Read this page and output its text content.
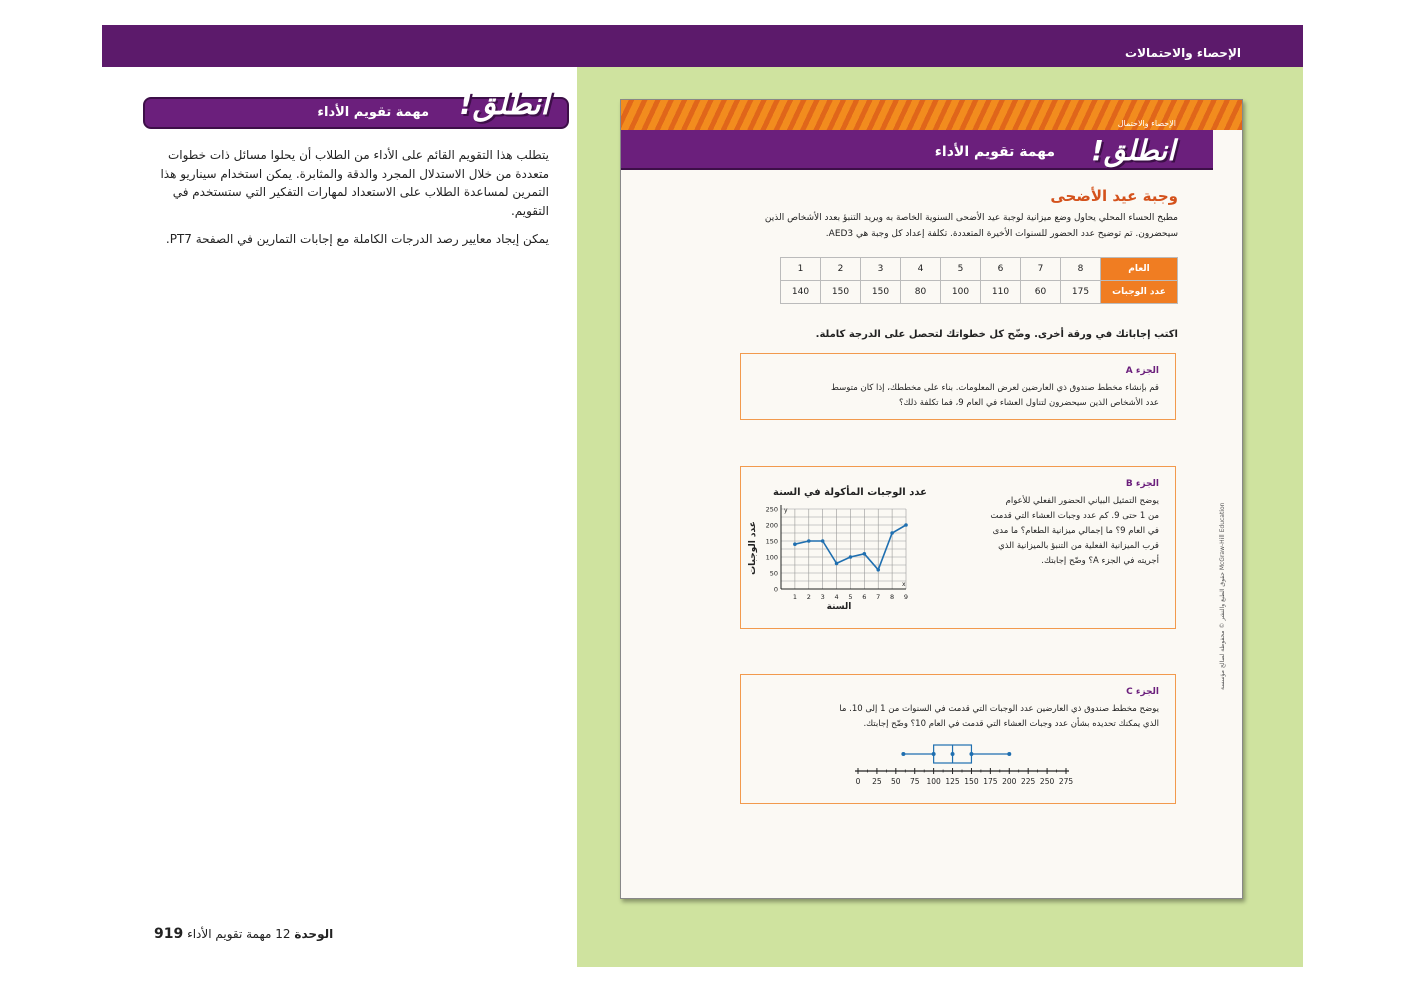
الإحصاء والاحتمالات
انطلق!
مهمة تقويم الأداء

يتطلب هذا التقويم القائم على الأداء من الطلاب أن يحلوا مسائل ذات خطوات متعددة من خلال الاستدلال المجرد والدقة والمثابرة. يمكن استخدام سيناريو هذا التمرين لمساعدة الطلاب على الاستعداد لمهارات التفكير التي ستستخدم في التقويم.

يمكن إيجاد معايير رصد الدرجات الكاملة مع إجابات التمارين في الصفحة PT7.

الوحدة 12 مهمة تقويم الأداء 919
الإحصاء والاحتمال
انطلق!
مهمة تقويم الأداء
وجبة عيد الأضحى
مطبخ الحساء المحلي يحاول وضع ميزانية لوجبة عيد الأضحى السنوية الخاصة به ويريد التنبؤ بعدد الأشخاص الذين سيحضرون. تم توضيح عدد الحضور للسنوات الأخيرة المتعددة. تكلفة إعداد كل وجبة هي AED3.
1	2	3	4	5	6	7	8	العام
140	150	150	80	100	110	60	175	عدد الوجبات
اكتب إجاباتك في ورقة أخرى. وضّح كل خطواتك لتحصل على الدرجة كاملة.
الجزء A
قم بإنشاء مخطط صندوق ذي العارضين لعرض المعلومات. بناء على مخططك، إذا كان متوسط
عدد الأشخاص الذين سيحضرون لتناول العشاء في العام 9، فما تكلفة ذلك؟
الجزء B
يوضح التمثيل البياني الحضور الفعلي للأعوام
من 1 حتى 9. كم عدد وجبات العشاء التي قدمت
في العام 9؟ ما إجمالي ميزانية الطعام؟ ما مدى
قرب الميزانية الفعلية من التنبؤ بالميزانية الذي
أجريته في الجزء A؟ وضّح إجابتك.
عدد الوجبات المأكولة في السنة
السنة
عدد الوجبات
x
y
0
50
100
150
200
250
1 2 3 4 5 6 7 8 9
الجزء C
يوضح مخطط صندوق ذي العارضين عدد الوجبات التي قدمت في السنوات من 1 إلى 10. ما
الذي يمكنك تحديده بشأن عدد وجبات العشاء التي قدمت في العام 10؟ وضّح إجابتك.
0 25 50 75 100 125 150 175 200 225 250 275
حقوق الطبع والنشر © محفوظة لصالح مؤسسة McGraw-Hill Education
